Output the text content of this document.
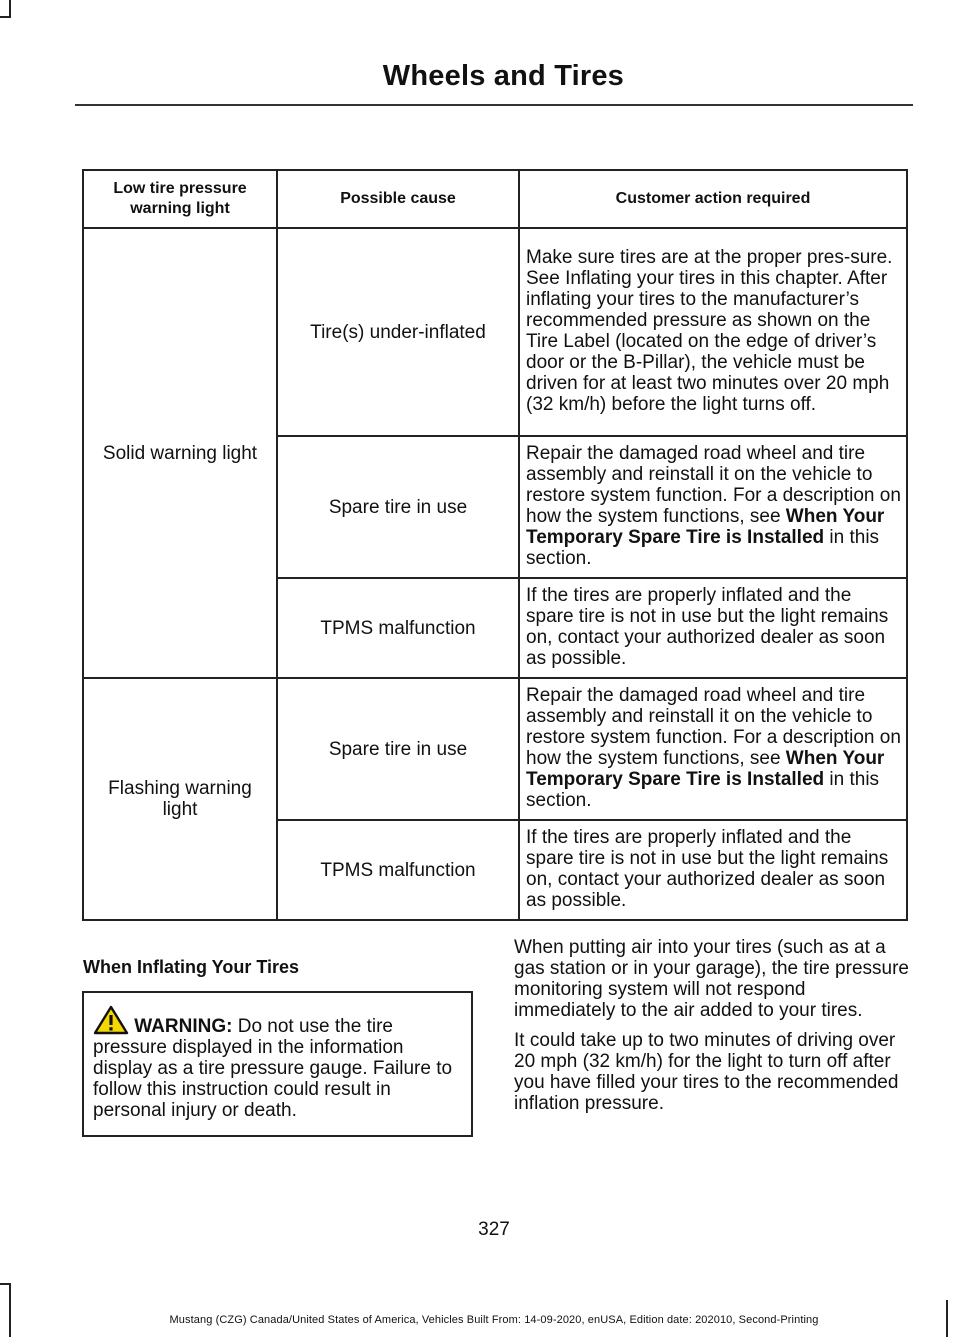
Wheels and Tires
Low tire pressure warning light	Possible cause	Customer action required
Solid warning light	Tire(s) under-inflated	Make sure tires are at the proper pres-sure. See Inflating your tires in this chapter. After inflating your tires to the manufacturer’s recommended pressure as shown on the Tire Label (located on the edge of driver’s door or the B-Pillar), the vehicle must be driven for at least two minutes over 20 mph (32 km/h) before the light turns off.
	Spare tire in use	Repair the damaged road wheel and tire assembly and reinstall it on the vehicle to restore system function. For a description on how the system functions, see When Your Temporary Spare Tire is Installed in this section.
	TPMS malfunction	If the tires are properly inflated and the spare tire is not in use but the light remains on, contact your authorized dealer as soon as possible.
Flashing warning light	Spare tire in use	Repair the damaged road wheel and tire assembly and reinstall it on the vehicle to restore system function. For a description on how the system functions, see When Your Temporary Spare Tire is Installed in this section.
	TPMS malfunction	If the tires are properly inflated and the spare tire is not in use but the light remains on, contact your authorized dealer as soon as possible.
When Inflating Your Tires
WARNING: Do not use the tire pressure displayed in the information display as a tire pressure gauge. Failure to follow this instruction could result in personal injury or death.

When putting air into your tires (such as at a gas station or in your garage), the tire pressure monitoring system will not respond immediately to the air added to your tires.

It could take up to two minutes of driving over 20 mph (32 km/h) for the light to turn off after you have filled your tires to the recommended inflation pressure.

327
Mustang (CZG) Canada/United States of America, Vehicles Built From: 14-09-2020, enUSA, Edition date: 202010, Second-Printing
